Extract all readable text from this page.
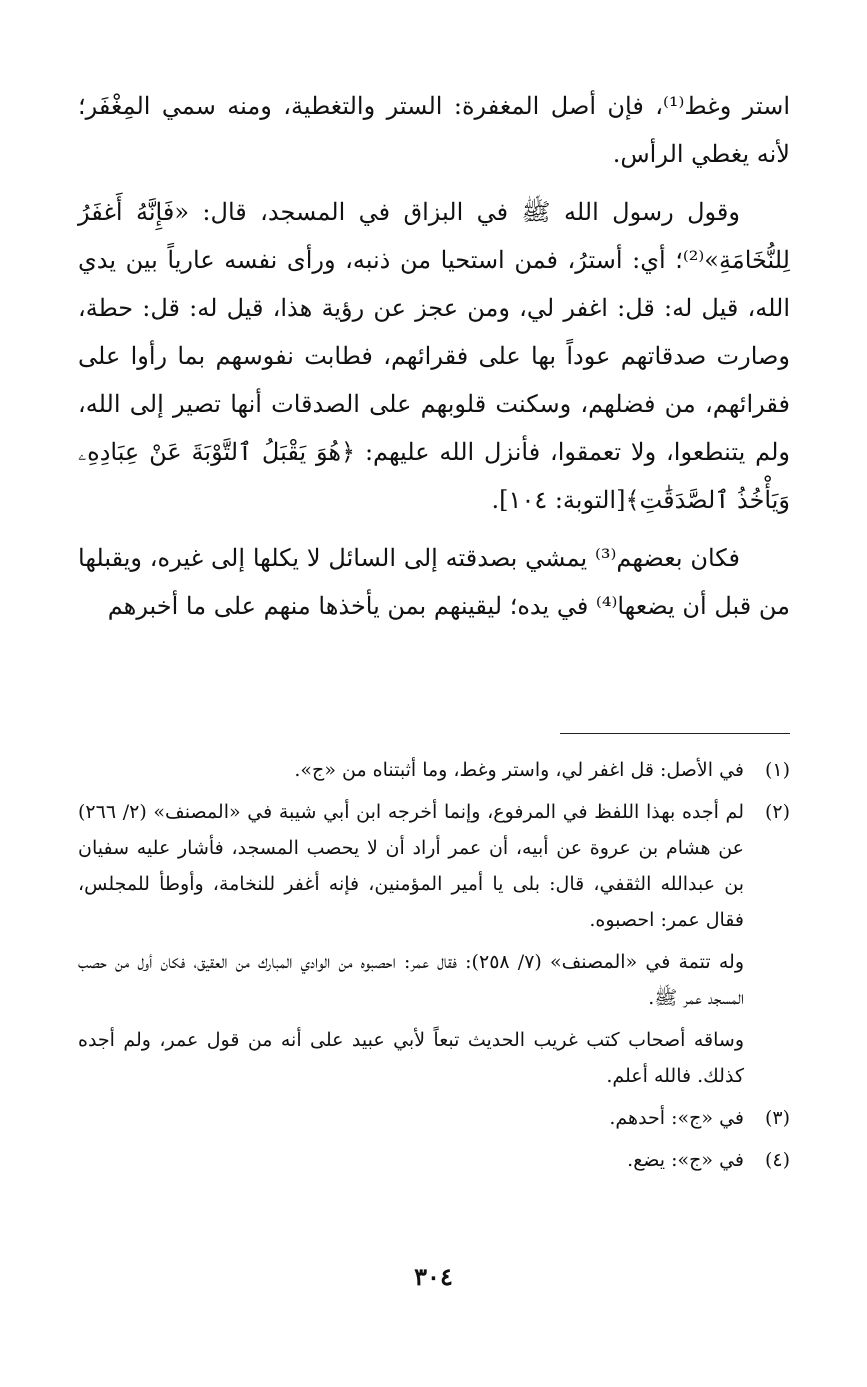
استر وغط⁽¹⁾، فإن أصل المغفرة: الستر والتغطية، ومنه سمي المِغْفَر؛ لأنه يغطي الرأس.

وقول رسول الله ﷺ في البزاق في المسجد، قال: «فَإِنَّهُ أَغفَرُ لِلنُّخَامَةِ»⁽²⁾؛ أي: أسترُ، فمن استحيا من ذنبه، ورأى نفسه عارياً بين يدي الله، قيل له: قل: اغفر لي، ومن عجز عن رؤية هذا، قيل له: قل: حطة، وصارت صدقاتهم عوداً بها على فقرائهم، فطابت نفوسهم بما رأوا على فقرائهم، من فضلهم، وسكنت قلوبهم على الصدقات أنها تصير إلى الله، ولم يتنطعوا، ولا تعمقوا، فأنزل الله عليهم: ﴿هُوَ يَقْبَلُ ٱلتَّوْبَةَ عَنْ عِبَادِهِۦ وَيَأْخُذُ ٱلصَّدَقَٰتِ﴾[التوبة: ١٠٤].

فكان بعضهم⁽³⁾ يمشي بصدقته إلى السائل لا يكلها إلى غيره، ويقبلها من قبل أن يضعها⁽⁴⁾ في يده؛ ليقينهم بمن يأخذها منهم على ما أخبرهم

(١)

في الأصل: قل اغفر لي، واستر وغط، وما أثبتناه من «ج».

(٢)

لم أجده بهذا اللفظ في المرفوع، وإنما أخرجه ابن أبي شيبة في «المصنف» (٢/ ٢٦٦) عن هشام بن عروة عن أبيه، أن عمر أراد أن لا يحصب المسجد، فأشار عليه سفيان بن عبدالله الثقفي، قال: بلى يا أمير المؤمنين، فإنه أغفر للنخامة، وأوطأ للمجلس، فقال عمر: احصبوه.

وله تتمة في «المصنف» (٧/ ٢٥٨): فقال عمر: احصبوه من الوادي المبارك من العقيق، فكان أول من حصب المسجد عمر ﷺ.

وساقه أصحاب كتب غريب الحديث تبعاً لأبي عبيد على أنه من قول عمر، ولم أجده كذلك. فالله أعلم.

(٣)

في «ج»: أحدهم.

(٤)

في «ج»: يضع.

٣٠٤
